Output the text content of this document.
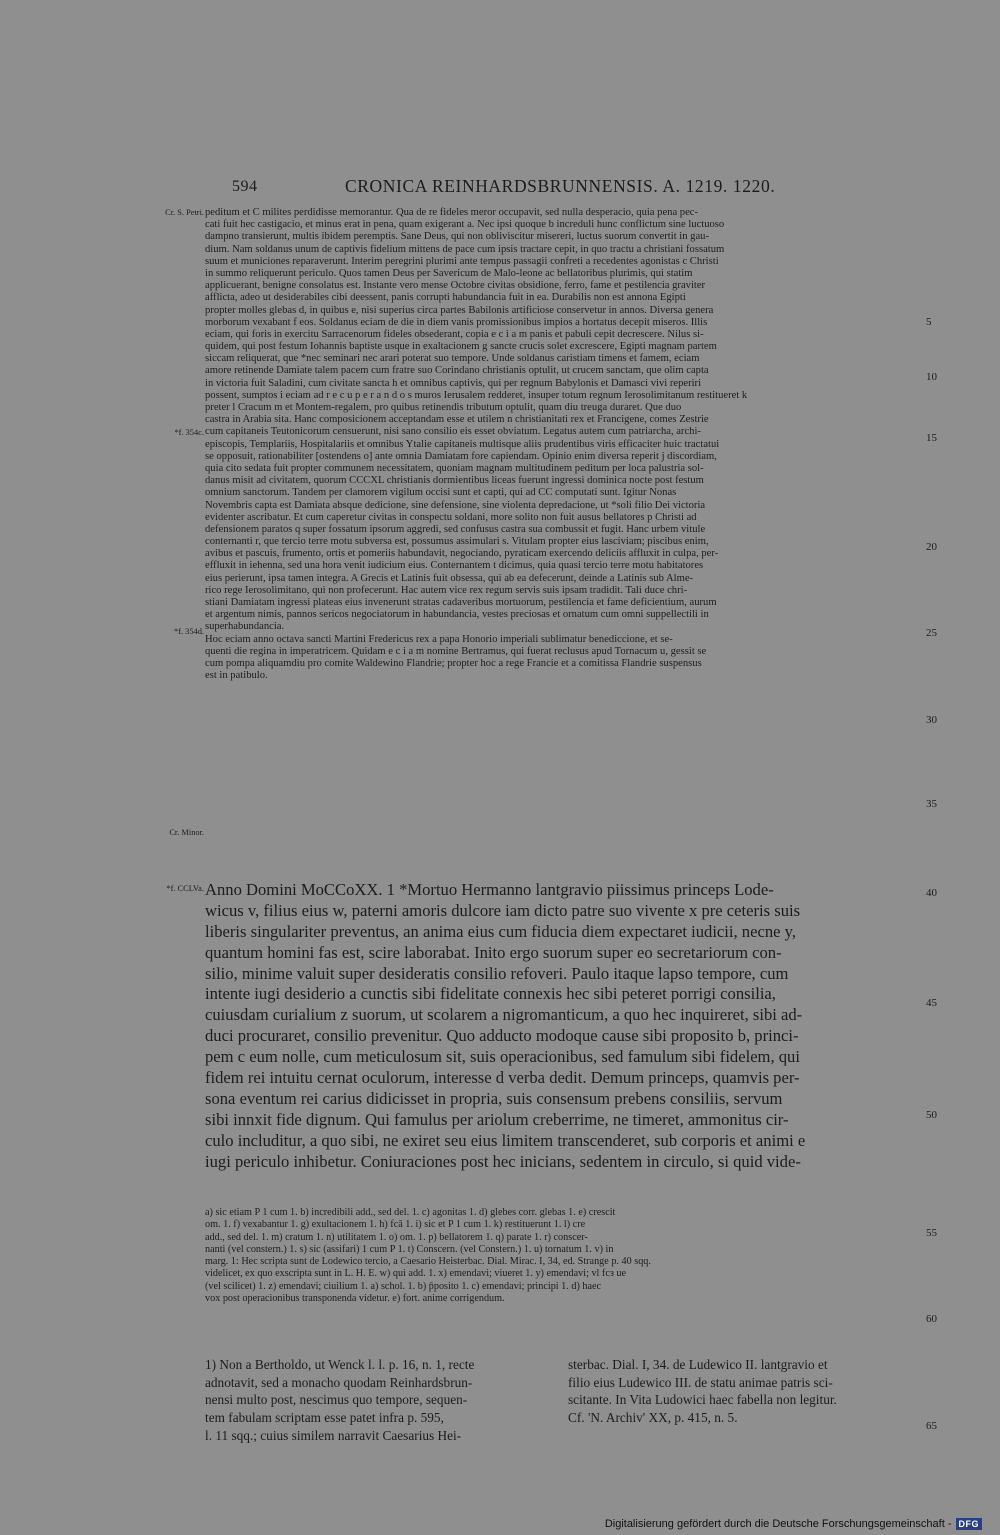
594	CRONICA REINHARDSBRUNNENSIS. A. 1219. 1220.
peditum et C milites perdidisse memorantur. Qua de re fideles meror occupavit, sed nulla desperacio, quia pena pec-
cati fuit hec castigacio, et minus erat in pena, quam exigerant a. Nec ipsi quoque b increduli hunc conflictum sine luctuoso
dampno transierunt, multis ibidem peremptis. Sane Deus, qui non obliviscitur misereri, luctus suorum convertit in gau-
dium. Nam soldanus unum de captivis fidelium mittens de pace cum ipsis tractare cepit, in quo tractu a christiani fossatum
suum et municiones reparaverunt. Interim peregrini plurimi ante tempus passagii confreti a recedentes agonistas c Christi
in summo reliquerunt periculo. Quos tamen Deus per Savericum de Malo-leone ac bellatoribus plurimis, qui statim
applicuerant, benigne consolatus est. Instante vero mense Octobre civitas obsidione, ferro, fame et pestilencia graviter
afflicta, adeo ut desiderabiles cibi deessent, panis corrupti habundancia fuit in ea. Durabilis non est annona Egipti
propter molles glebas d, in quibus e, nisi superius circa partes Babilonis artificiose conservetur in annos. Diversa genera
morborum vexabant f eos. Soldanus eciam de die in diem vanis promissionibus impios a hortatus decepit miseros. Illis
eciam, qui foris in exercitu Sarracenorum fideles obsederant, copia e c i a m panis et pabuli cepit decrescere. Nilus si-
quidem, qui post festum Iohannis baptiste usque in exaltacionem g sancte crucis solet excrescere, Egipti magnam partem
siccam reliquerat, que *nec seminari nec arari poterat suo tempore. Unde soldanus caristiam timens et famem, eciam
amore retinende Damiate talem pacem cum fratre suo Corindano christianis optulit, ut crucem sanctam, que olim capta
in victoria fuit Saladini, cum civitate sancta h et omnibus captivis, qui per regnum Babylonis et Damasci vivi reperiri
possent, sumptos i eciam ad r e c u p e r a n d o s muros Ierusalem redderet, insuper totum regnum Ierosolimitanum restitueret k
preter l Cracum m et Montem-regalem, pro quibus retinendis tributum optulit, quam diu treuga duraret. Que duo
castra in Arabia sita. Hanc composicionem acceptandam esse et utilem n christianitati rex et Francigene, comes Zestrie
cum capitaneis Teutonicorum censuerunt, nisi sano consilio eis esset obviatum. Legatus autem cum patriarcha, archi-
episcopis, Templariis, Hospitalariis et omnibus Ytalie capitaneis multisque aliis prudentibus viris efficaciter huic tractatui
se opposuit, rationabiliter [ostendens o] ante omnia Damiatam fore capiendam. Opinio enim diversa reperit j discordiam,
quia cito sedata fuit propter communem necessitatem, quoniam magnam multitudinem peditum per loca palustria sol-
danus misit ad civitatem, quorum CCCXL christianis dormientibus liceas fuerunt ingressi dominica noctе post festum
omnium sanctorum. Tandem per clamorem vigilum occisi sunt et capti, qui ad CC computati sunt. Igitur Nonas
Novembris capta est Damiata absque dedicione, sine defensione, sine violenta depredacione, ut *soli filio Dei victoria
evidenter ascribatur. Et cum caperetur civitas in conspectu soldani, more solito non fuit ausus bellatores p Christi ad
defensionem paratos q super fossatum ipsorum aggredi, sed confusus castra sua combussit et fugit. Hanc urbem vitule
conternanti r, que tercio terre motu subversa est, possumus assimulari s. Vitulam propter eius lasciviam; piscibus enim,
avibus et pascuis, frumento, ortis et pomeriis habundavit, negociando, pyraticam exercendo deliciis affluxit in culpa, per-
effluxit in iehenna, sed una hora venit iudicium eius. Conternantem t dicimus, quia quasi tercio terre motu habitatores
eius perierunt, ipsa tamen integra. A Grecis et Latinis fuit obsessa, qui ab ea defecerunt, deinde a Latinis sub Alme-
rico rege Ierosolimitano, qui non profecerunt. Hac autem vice rex regum servis suis ipsam tradidit. Tali duce chri-
stiani Damiatam ingressi plateas eius invenerunt stratas cadaveribus mortuorum, pestilencia et fame deficientium, aurum
et argentum nimis, pannos sericos negociatorum in habundancia, vestes preciosas et ornatum cum omni suppellectili in
superhabundancia.
Hoc eciam anno octava sancti Martini Fredericus rex a papa Honorio imperiali sublimatur benediccione, et se-
quenti die regina in imperatricem. Quidam e c i a m nomine Bertramus, qui fuerat reclusus apud Tornacum u, gessit se
cum pompa aliquamdiu pro comite Waldewino Flandrie; propter hoc a rege Francie et a comitissa Flandrie suspensus
est in patibulo.
Anno Domini MoCCoXX. 1 *Mortuo Hermanno lantgravio piissimus princeps Lode-
wicus v, filius eius w, paterni amoris dulcore iam dicto patre suo vivente x pre ceteris suis
liberis singulariter preventus, an anima eius cum fiducia diem expectaret iudicii, necne y,
quantum homini fas est, scire laborabat. Inito ergo suorum super eo secretariorum con-
silio, minime valuit super desideratis consilio refoveri. Paulo itaque lapso tempore, cum
intente iugi desiderio a cunctis sibi fidelitate connexis hec sibi peteret porrigi consilia,
cuiusdam curialium z suorum, ut scolarem a nigromanticum, a quo hec inquireret, sibi ad-
duci procuraret, consilio prevenitur. Quo adducto modoque cause sibi proposito b, princi-
pem c eum nolle, cum meticulosum sit, suis operacionibus, sed famulum sibi fidelem, qui
fidem rei intuitu cernat oculorum, interesse d verba dedit. Demum princeps, quamvis per-
sona eventum rei carius didicisset in propria, suis consensum prebens consiliis, servum
sibi innxit fide dignum. Qui famulus per ariolum creberrime, ne timeret, ammonitus cir-
culo includitur, a quo sibi, ne exiret seu eius limitem transcenderet, sub corporis et animi e
iugi periculo inhibetur. Coniuraciones post hec inicians, sedentem in circulo, si quid vide-
a) sic etiam P 1 cum 1. b) incredibili add., sed del. 1. c) agonitas 1. d) glebes corr. glebas 1. e) crescit
om. 1. f) vexabantur 1. g) exultacionem 1. h) fcā 1. i) sic et P 1 cum 1. k) restituerunt 1. l) cre
add., sed del. 1. m) cratum 1. n) utilitatem 1. o) om. 1. p) bellatorem 1. q) parate 1. r) conscer-
nanti (vel constern.) 1. s) sic (assifari) 1 cum P 1. t) Conscern. (vel Constern.) 1. u) tornatum 1. v) in
marg. 1: Hec scripta sunt de Lodewico tercio, a Caesario Heisterbac. Dial. Mirac. I, 34, ed. Strange p. 40 sqq.
videlicet, ex quo exscripta sunt in L. H. E. w) qui add. 1. x) emendavi; viueret 1. y) emendavi; vl fcз ue
(vel scilicet) 1. z) emendavi; ciuilium 1. a) schol. 1. b) p̄posito 1. c) emendavi; principi 1. d) haec
vox post operacionibus transponenda videtur. e) fort. anime corrigendum.
1) Non a Bertholdo, ut Wenck l. l. p. 16, n. 1, recte
adnotavit, sed a monacho quodam Reinhardsbrun-
nensi multo post, nescimus quo tempore, sequen-
tem fabulam scriptam esse patet infra p. 595,
l. 11 sqq.; cuius similem narravit Caesarius Hei-
sterbac. Dial. I, 34. de Ludewico II. lantgravio et
filio eius Ludewico III. de statu animae patris sci-
scitante. In Vita Ludowici haec fabella non legitur.
Cf. 'N. Archiv' XX, p. 415, n. 5.
Cr. S. Petri.
*f. 354c.
*f. 354d.
Cr. Minor.
*f. CCLVa.
5
10
15
20
25
30
35
40
45
50
55
60
65
Digitalisierung gefördert durch die Deutsche Forschungsgemeinschaft - DFG
